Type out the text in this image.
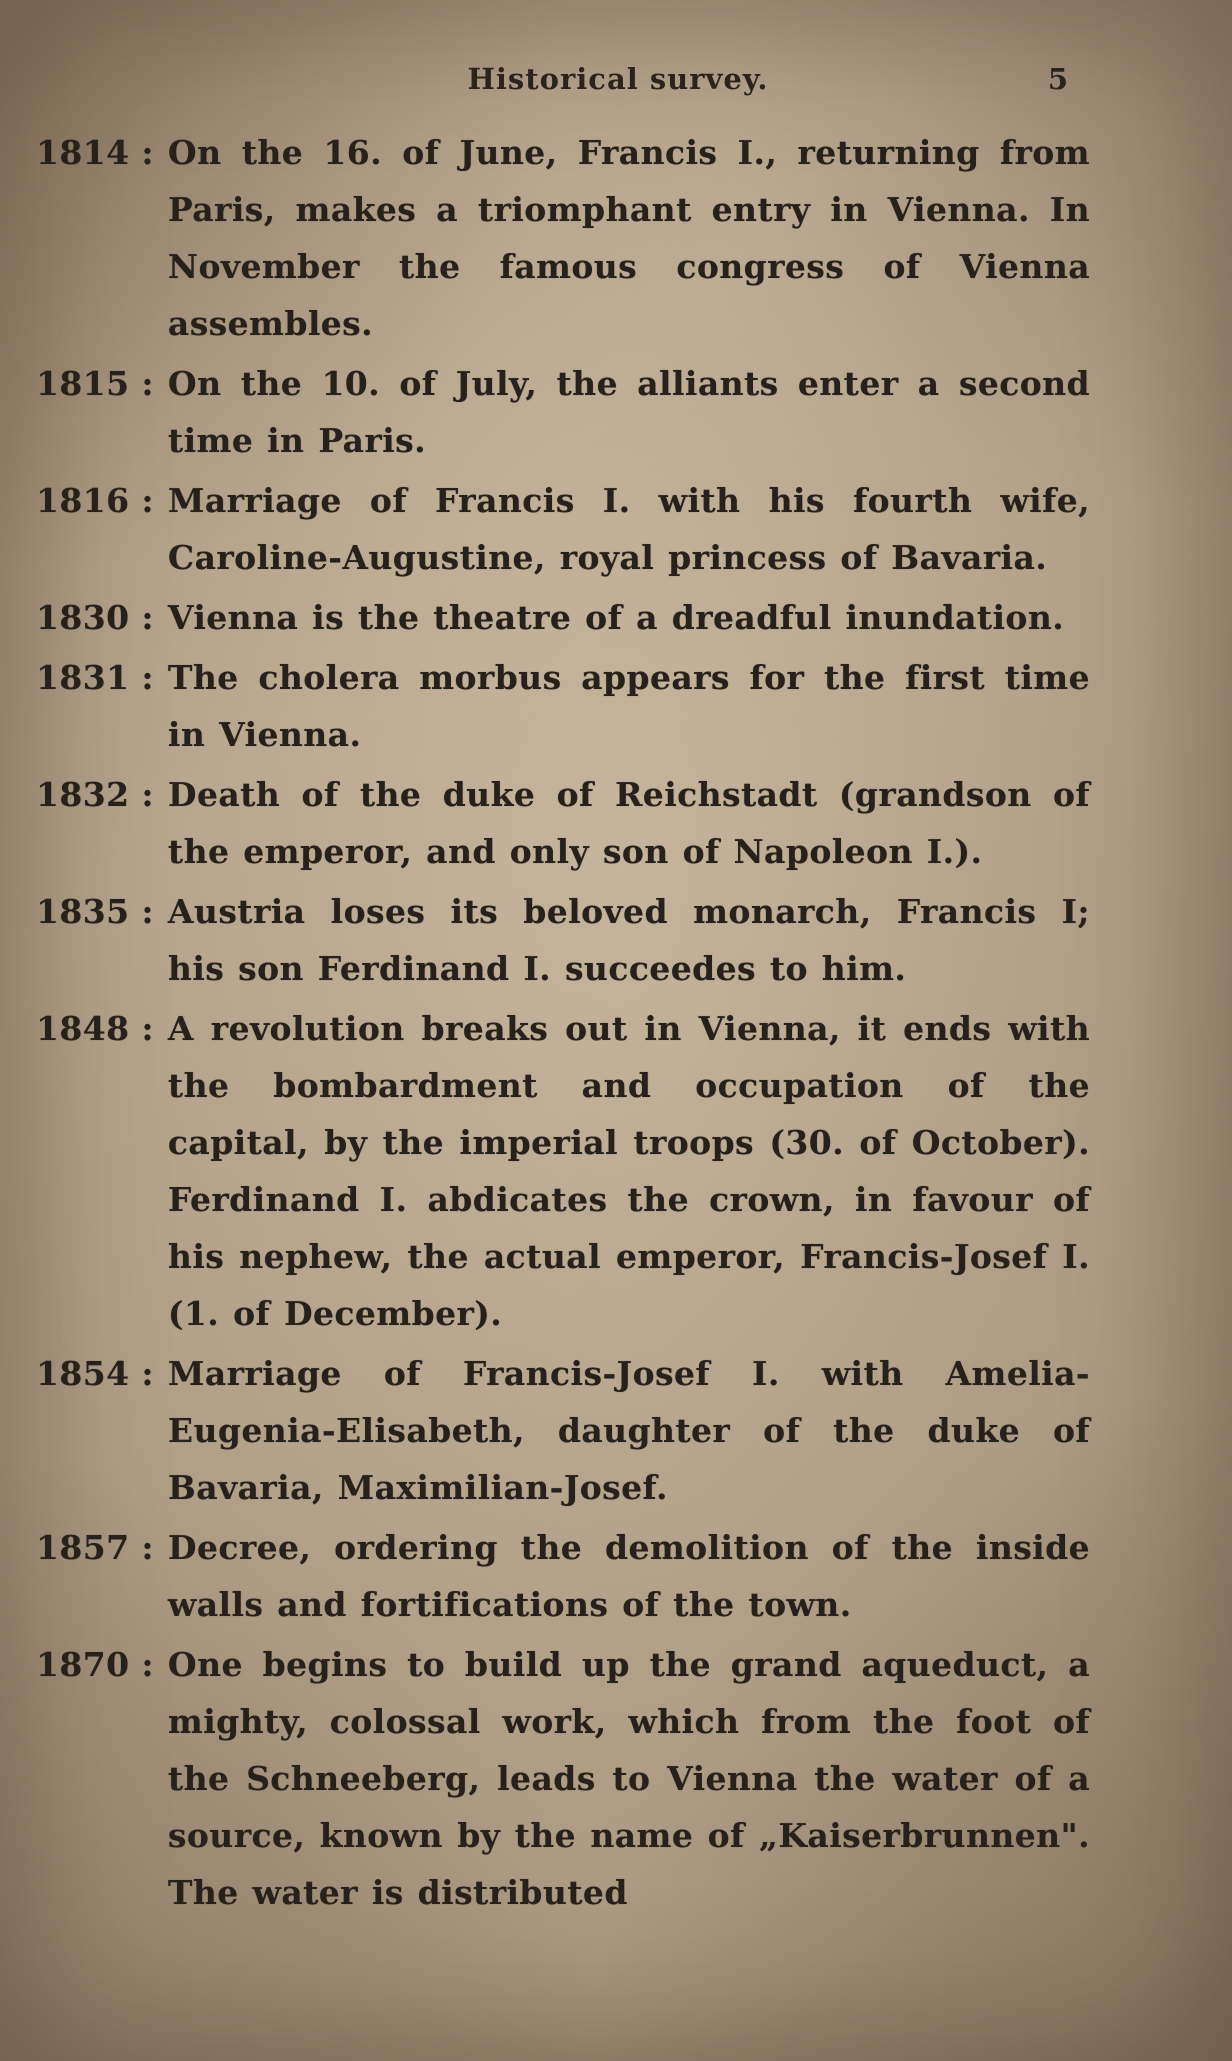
Historical survey.	5
1814 : On the 16. of June, Francis I., returning from Paris, makes a triomphant entry in Vienna. In November the famous congress of Vienna assembles.
1815 : On the 10. of July, the alliants enter a second time in Paris.
1816 : Marriage of Francis I. with his fourth wife, Caroline-Augustine, royal princess of Bavaria.
1830 : Vienna is the theatre of a dreadful inundation.
1831 : The cholera morbus appears for the first time in Vienna.
1832 : Death of the duke of Reichstadt (grandson of the emperor, and only son of Napoleon I.).
1835 : Austria loses its beloved monarch, Francis I; his son Ferdinand I. succeedes to him.
1848 : A revolution breaks out in Vienna, it ends with the bombardment and occupation of the capital, by the imperial troops (30. of October). Ferdinand I. abdicates the crown, in favour of his nephew, the actual emperor, Francis-Josef I. (1. of December).
1854 : Marriage of Francis-Josef I. with Amelia-Eugenia-Elisabeth, daughter of the duke of Bavaria, Maximilian-Josef.
1857 : Decree, ordering the demolition of the inside walls and fortifications of the town.
1870 : One begins to build up the grand aqueduct, a mighty, colossal work, which from the foot of the Schneeberg, leads to Vienna the water of a source, known by the name of „Kaiserbrunnen". The water is distributed
